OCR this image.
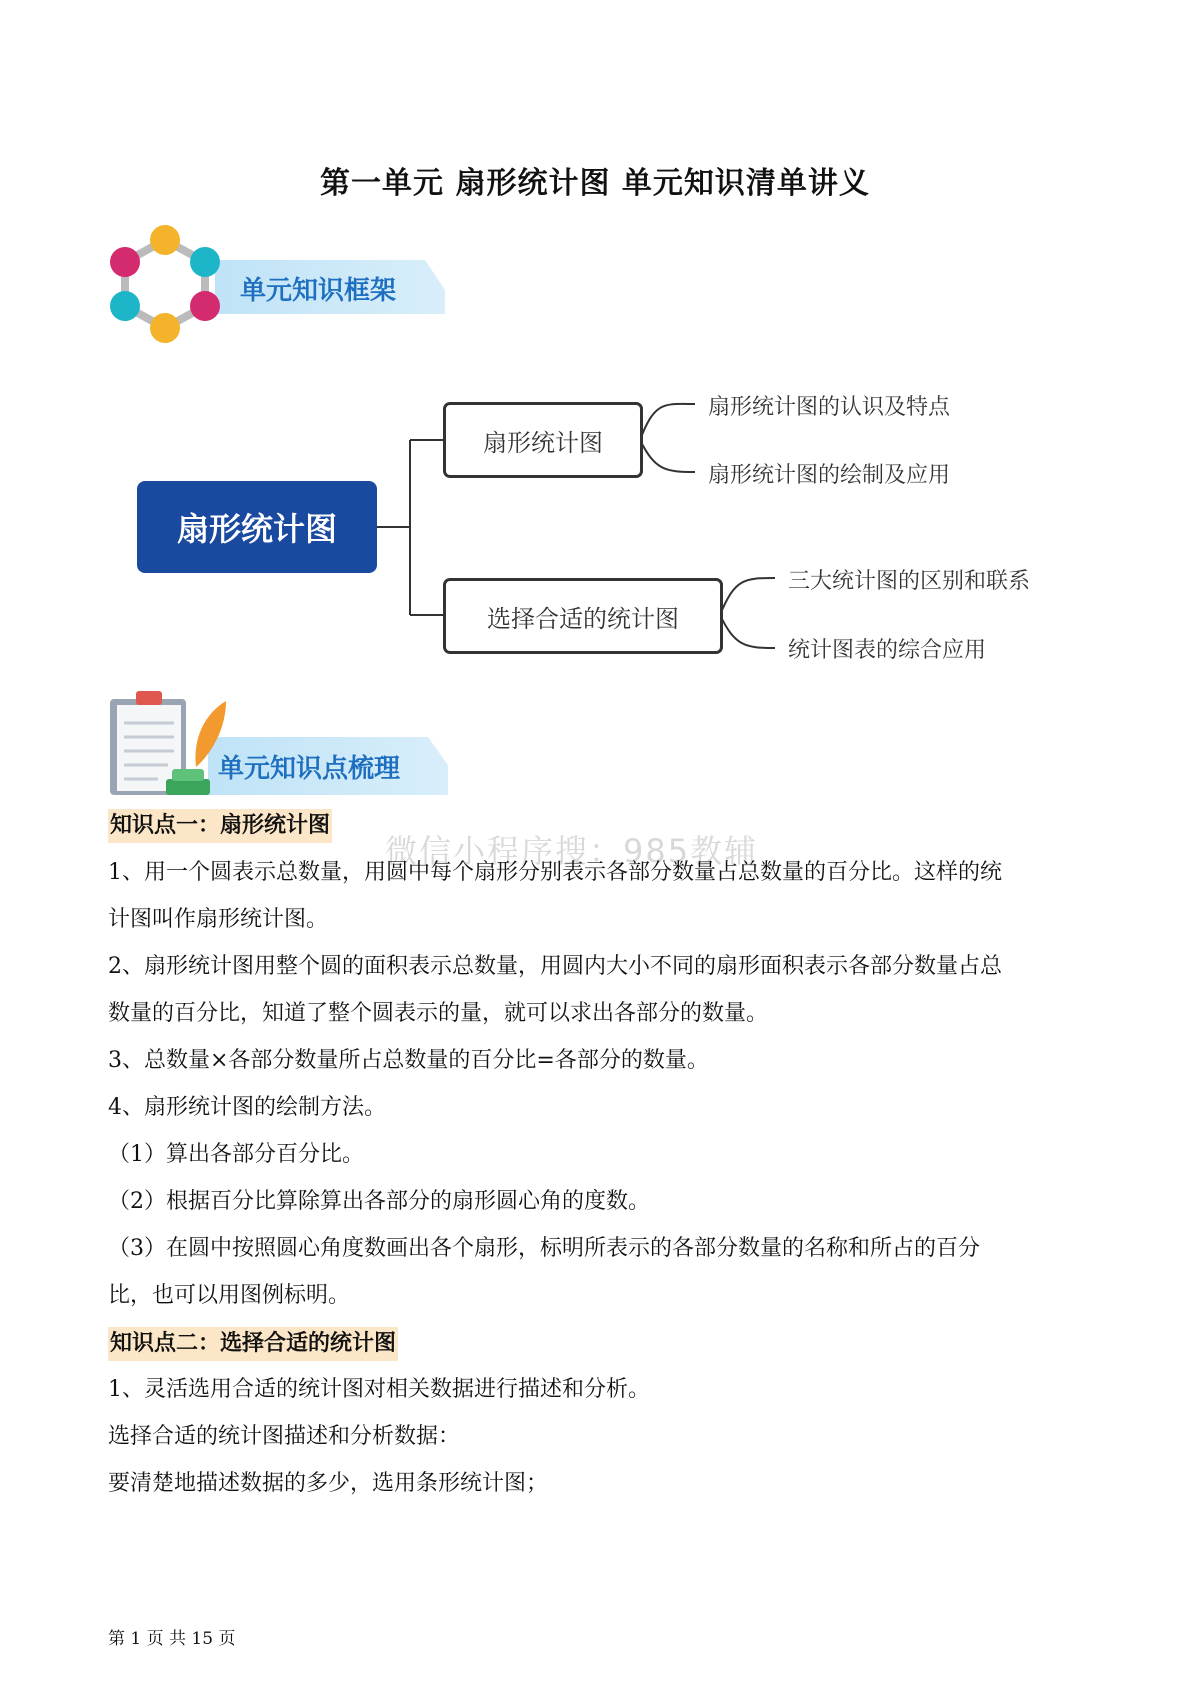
第一单元 扇形统计图 单元知识清单讲义
单元知识框架
扇形统计图
扇形统计图
选择合适的统计图
扇形统计图的认识及特点
扇形统计图的绘制及应用
三大统计图的区别和联系
统计图表的综合应用
单元知识点梳理
微信小程序搜：985教辅
知识点一：扇形统计图
1、用一个圆表示总数量，用圆中每个扇形分别表示各部分数量占总数量的百分比。这样的统
计图叫作扇形统计图。
2、扇形统计图用整个圆的面积表示总数量，用圆内大小不同的扇形面积表示各部分数量占总
数量的百分比，知道了整个圆表示的量，就可以求出各部分的数量。
3、总数量×各部分数量所占总数量的百分比=各部分的数量。
4、扇形统计图的绘制方法。
（1）算出各部分百分比。
（2）根据百分比算除算出各部分的扇形圆心角的度数。
（3）在圆中按照圆心角度数画出各个扇形，标明所表示的各部分数量的名称和所占的百分
比，也可以用图例标明。
知识点二：选择合适的统计图
1、灵活选用合适的统计图对相关数据进行描述和分析。
选择合适的统计图描述和分析数据：
要清楚地描述数据的多少，选用条形统计图；
第 1 页 共 15 页
